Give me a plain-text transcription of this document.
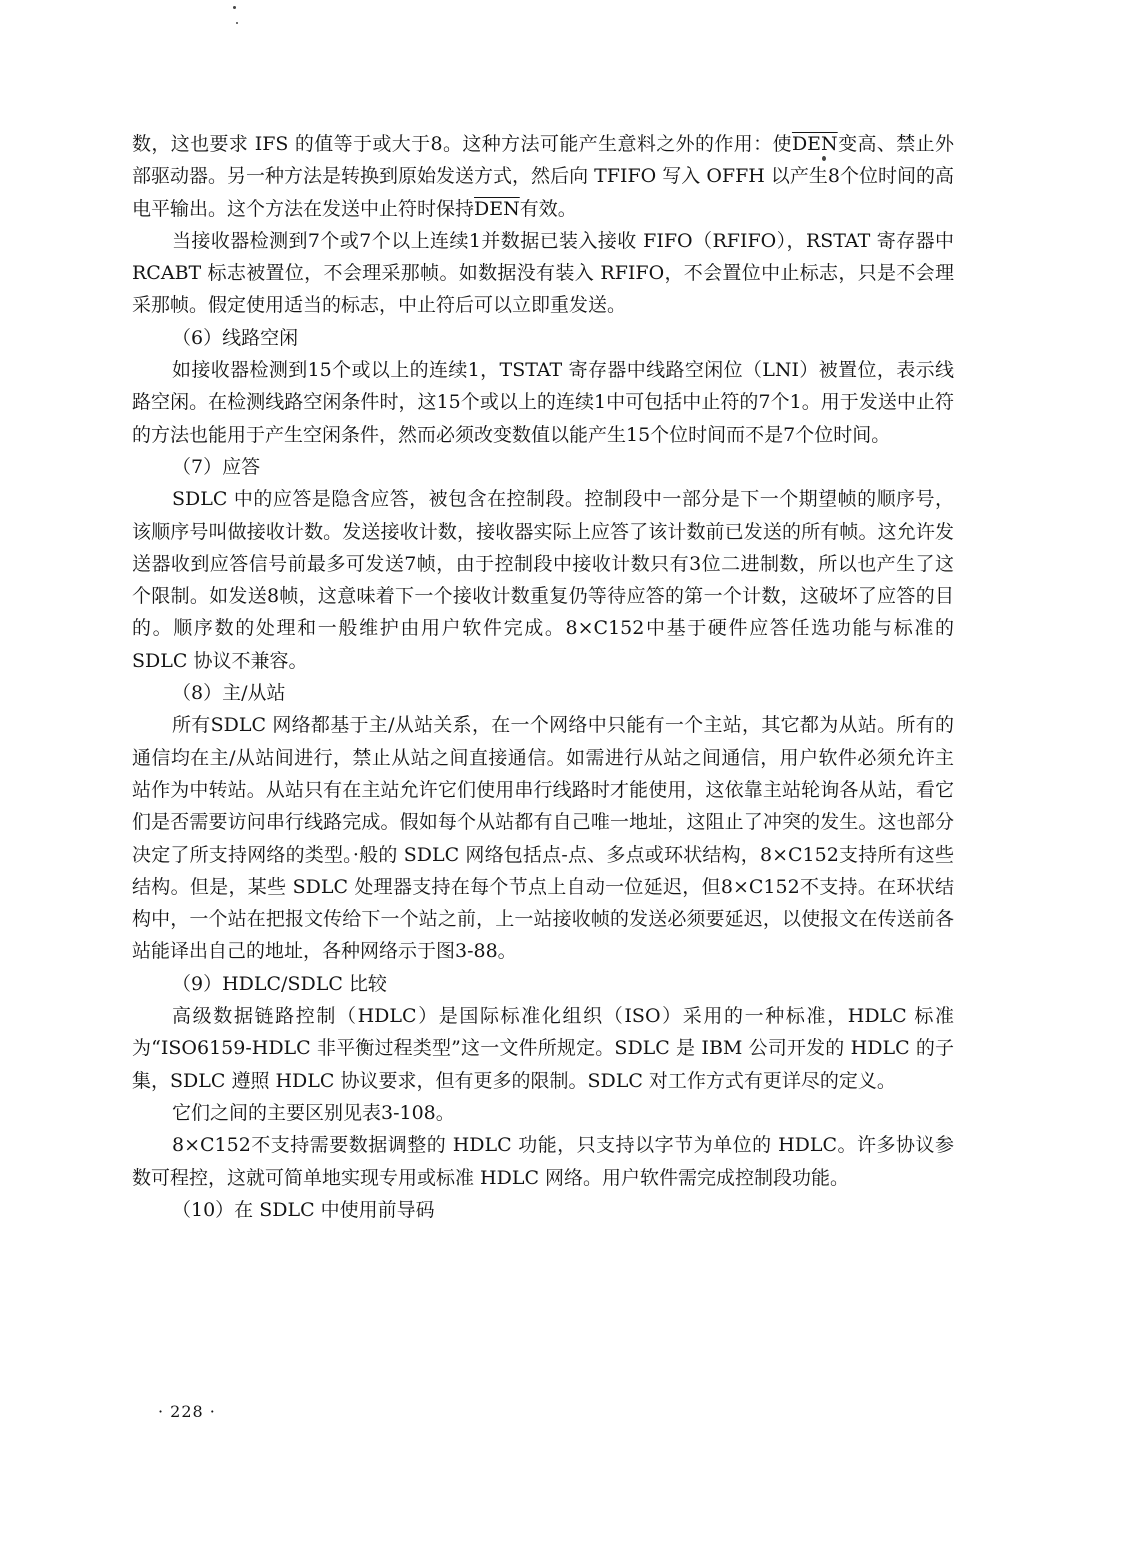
数，这也要求 IFS 的值等于或大于8。这种方法可能产生意料之外的作用：使$\overline{DEN}$变高、禁止外部驱动器。另一种方法是转换到原始发送方式，然后向 TFIFO 写入 OFFH 以产生8个位时间的高电平输出。这个方法在发送中止符时保持$\overline{DEN}$有效。

当接收器检测到7个或7个以上连续1并数据已装入接收 FIFO（RFIFO），RSTAT 寄存器中 RCABT 标志被置位，不会理采那帧。如数据没有装入 RFIFO，不会置位中止标志，只是不会理采那帧。假定使用适当的标志，中止符后可以立即重发送。

（6）线路空闲

如接收器检测到15个或以上的连续1，TSTAT 寄存器中线路空闲位（LNI）被置位，表示线路空闲。在检测线路空闲条件时，这15个或以上的连续1中可包括中止符的7个1。用于发送中止符的方法也能用于产生空闲条件，然而必须改变数值以能产生15个位时间而不是7个位时间。

（7）应答

SDLC 中的应答是隐含应答，被包含在控制段。控制段中一部分是下一个期望帧的顺序号，该顺序号叫做接收计数。发送接收计数，接收器实际上应答了该计数前已发送的所有帧。这允许发送器收到应答信号前最多可发送7帧，由于控制段中接收计数只有3位二进制数，所以也产生了这个限制。如发送8帧，这意味着下一个接收计数重复仍等待应答的第一个计数，这破坏了应答的目的。顺序数的处理和一般维护由用户软件完成。8×C152中基于硬件应答任选功能与标准的 SDLC 协议不兼容。

（8）主/从站

所有SDLC 网络都基于主/从站关系，在一个网络中只能有一个主站，其它都为从站。所有的通信均在主/从站间进行，禁止从站之间直接通信。如需进行从站之间通信，用户软件必须允许主站作为中转站。从站只有在主站允许它们使用串行线路时才能使用，这依靠主站轮询各从站，看它们是否需要访问串行线路完成。假如每个从站都有自己唯一地址，这阻止了冲突的发生。这也部分决定了所支持网络的类型。·般的 SDLC 网络包括点-点、多点或环状结构，8×C152支持所有这些结构。但是，某些 SDLC 处理器支持在每个节点上自动一位延迟，但8×C152不支持。在环状结构中，一个站在把报文传给下一个站之前，上一站接收帧的发送必须要延迟，以使报文在传送前各站能译出自己的地址，各种网络示于图3-88。

（9）HDLC/SDLC 比较

高级数据链路控制（HDLC）是国际标准化组织（ISO）采用的一种标准，HDLC 标准为“ISO6159-HDLC 非平衡过程类型”这一文件所规定。SDLC 是 IBM 公司开发的 HDLC 的子集，SDLC 遵照 HDLC 协议要求，但有更多的限制。SDLC 对工作方式有更详尽的定义。

它们之间的主要区别见表3-108。

8×C152不支持需要数据调整的 HDLC 功能，只支持以字节为单位的 HDLC。许多协议参数可程控，这就可简单地实现专用或标准 HDLC 网络。用户软件需完成控制段功能。

（10）在 SDLC 中使用前导码

· 228 ·
